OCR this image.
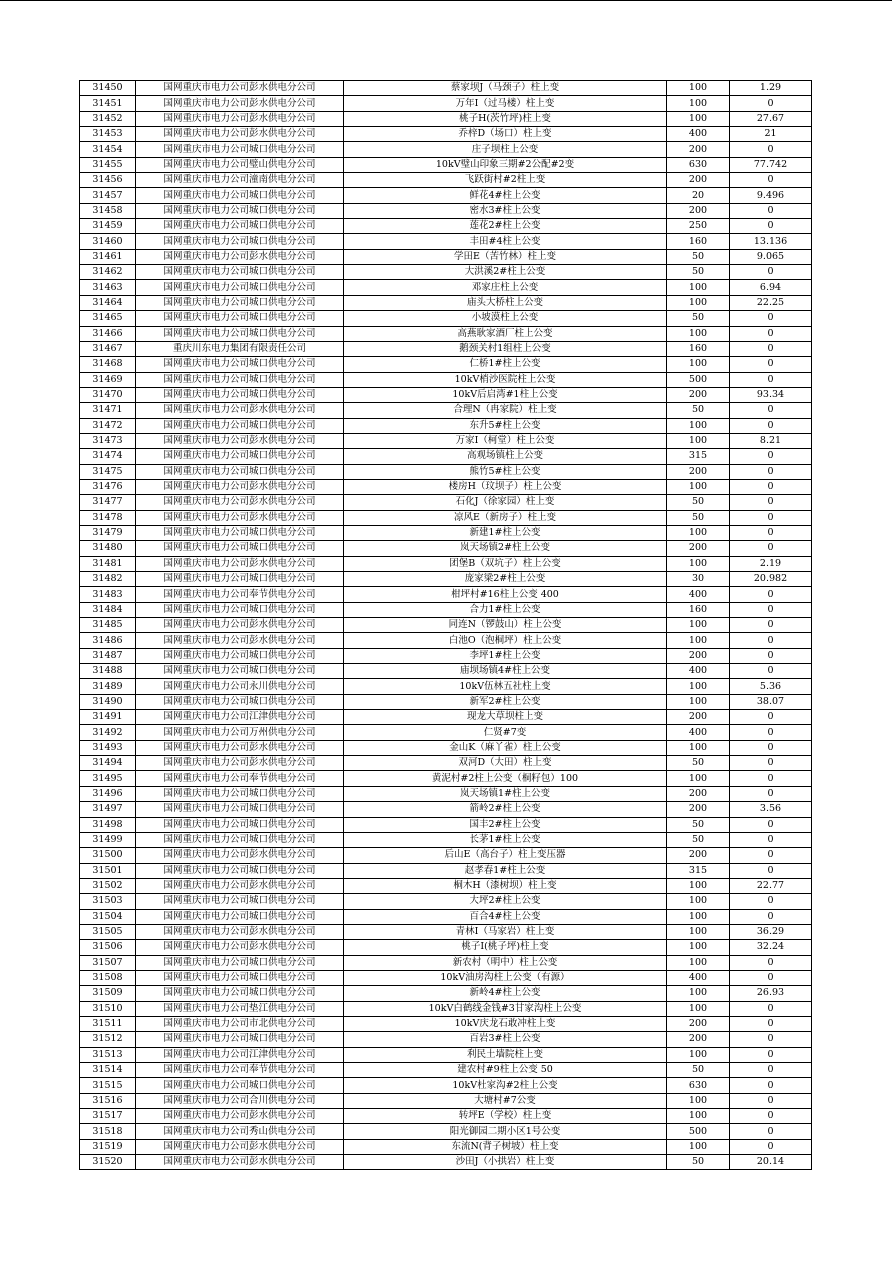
31450	国网重庆市电力公司彭水供电分公司	蔡家坝J（马颈子）柱上变	100	1.29
31451	国网重庆市电力公司彭水供电分公司	万年I（过马楼）柱上变	100	0
31452	国网重庆市电力公司彭水供电分公司	桃子H(茨竹坪)柱上变	100	27.67
31453	国网重庆市电力公司彭水供电分公司	乔梓D（场口）柱上变	400	21
31454	国网重庆市电力公司城口供电分公司	庄子坝柱上公变	200	0
31455	国网重庆市电力公司璧山供电分公司	10kV璧山印象三期#2公配#2变	630	77.742
31456	国网重庆市电力公司潼南供电分公司	飞跃街村#2柱上变	200	0
31457	国网重庆市电力公司城口供电分公司	鲜花4#柱上公变	20	9.496
31458	国网重庆市电力公司城口供电分公司	密水3#柱上公变	200	0
31459	国网重庆市电力公司城口供电分公司	莲花2#柱上公变	250	0
31460	国网重庆市电力公司城口供电分公司	丰田#4柱上公变	160	13.136
31461	国网重庆市电力公司彭水供电分公司	学田E（苦竹林）柱上变	50	9.065
31462	国网重庆市电力公司城口供电分公司	大洪溪2#柱上公变	50	0
31463	国网重庆市电力公司城口供电分公司	邓家庄柱上公变	100	6.94
31464	国网重庆市电力公司城口供电分公司	庙头大桥柱上公变	100	22.25
31465	国网重庆市电力公司城口供电分公司	小坡漠柱上公变	50	0
31466	国网重庆市电力公司城口供电分公司	高燕耿家酒厂柱上公变	100	0
31467	重庆川东电力集团有限责任公司	鹅颈关村1组柱上公变	160	0
31468	国网重庆市电力公司城口供电分公司	仁桥1#柱上公变	100	0
31469	国网重庆市电力公司城口供电分公司	10kV梢沙医院柱上公变	500	0
31470	国网重庆市电力公司城口供电分公司	10kV后启湾#1柱上公变	200	93.34
31471	国网重庆市电力公司彭水供电分公司	合理N（冉家院）柱上变	50	0
31472	国网重庆市电力公司城口供电分公司	东升5#柱上公变	100	0
31473	国网重庆市电力公司彭水供电分公司	万家I（柯堂）柱上公变	100	8.21
31474	国网重庆市电力公司城口供电分公司	高观场镇柱上公变	315	0
31475	国网重庆市电力公司城口供电分公司	熊竹5#柱上公变	200	0
31476	国网重庆市电力公司彭水供电分公司	楼房H（玟坝子）柱上公变	100	0
31477	国网重庆市电力公司彭水供电分公司	石化J（徐家园）柱上变	50	0
31478	国网重庆市电力公司彭水供电分公司	凉风E（新房子）柱上变	50	0
31479	国网重庆市电力公司城口供电分公司	新建1#柱上公变	100	0
31480	国网重庆市电力公司城口供电分公司	岚天场镇2#柱上公变	200	0
31481	国网重庆市电力公司彭水供电分公司	团堡B（双坑子）柱上公变	100	2.19
31482	国网重庆市电力公司城口供电分公司	庞家梁2#柱上公变	30	20.982
31483	国网重庆市电力公司奉节供电分公司	柑坪村#16柱上公变 400	400	0
31484	国网重庆市电力公司城口供电分公司	合力1#柱上公变	160	0
31485	国网重庆市电力公司彭水供电分公司	同连N（锣鼓山）柱上公变	100	0
31486	国网重庆市电力公司彭水供电分公司	白池O（泡桐坪）柱上公变	100	0
31487	国网重庆市电力公司城口供电分公司	李坪1#柱上公变	200	0
31488	国网重庆市电力公司城口供电分公司	庙坝场镇4#柱上公变	400	0
31489	国网重庆市电力公司永川供电分公司	10kV伍林五社柱上变	100	5.36
31490	国网重庆市电力公司城口供电分公司	新军2#柱上公变	100	38.07
31491	国网重庆市电力公司江津供电分公司	现龙大草坝柱上变	200	0
31492	国网重庆市电力公司万州供电分公司	仁贤#7变	400	0
31493	国网重庆市电力公司彭水供电分公司	金山K（麻丫雀）柱上公变	100	0
31494	国网重庆市电力公司彭水供电分公司	双河D（大田）柱上变	50	0
31495	国网重庆市电力公司奉节供电分公司	黄泥村#2柱上公变（桐籽包）100	100	0
31496	国网重庆市电力公司城口供电分公司	岚天场镇1#柱上公变	200	0
31497	国网重庆市电力公司城口供电分公司	箭岭2#柱上公变	200	3.56
31498	国网重庆市电力公司城口供电分公司	国丰2#柱上公变	50	0
31499	国网重庆市电力公司城口供电分公司	长茅1#柱上公变	50	0
31500	国网重庆市电力公司彭水供电分公司	后山E（高台子）柱上变压器	200	0
31501	国网重庆市电力公司城口供电分公司	赵孝春1#柱上公变	315	0
31502	国网重庆市电力公司彭水供电分公司	桐木H（漆树坝）柱上变	100	22.77
31503	国网重庆市电力公司城口供电分公司	大坪2#柱上公变	100	0
31504	国网重庆市电力公司城口供电分公司	百合4#柱上公变	100	0
31505	国网重庆市电力公司彭水供电分公司	青林I（马家岩）柱上变	100	36.29
31506	国网重庆市电力公司彭水供电分公司	桃子I(桃子坪)柱上变	100	32.24
31507	国网重庆市电力公司城口供电分公司	新农村（明中）柱上公变	100	0
31508	国网重庆市电力公司城口供电分公司	10kV油房沟柱上公变（有源）	400	0
31509	国网重庆市电力公司城口供电分公司	新岭4#柱上公变	100	26.93
31510	国网重庆市电力公司垫江供电分公司	10kV白鹤线金钱#3甘家沟柱上公变	100	0
31511	国网重庆市电力公司市北供电分公司	10kV庆龙石敢冲柱上变	200	0
31512	国网重庆市电力公司城口供电分公司	百岩3#柱上公变	200	0
31513	国网重庆市电力公司江津供电分公司	利民土墙院柱上变	100	0
31514	国网重庆市电力公司奉节供电分公司	建农村#9柱上公变 50	50	0
31515	国网重庆市电力公司城口供电分公司	10kV杜家沟#2柱上公变	630	0
31516	国网重庆市电力公司合川供电分公司	大塘村#7公变	100	0
31517	国网重庆市电力公司彭水供电分公司	转坪E（学校）柱上变	100	0
31518	国网重庆市电力公司秀山供电分公司	阳光御园二期小区1号公变	500	0
31519	国网重庆市电力公司彭水供电分公司	东流N(背子树坡）柱上变	100	0
31520	国网重庆市电力公司彭水供电分公司	沙田J（小拱岩）柱上变	50	20.14
